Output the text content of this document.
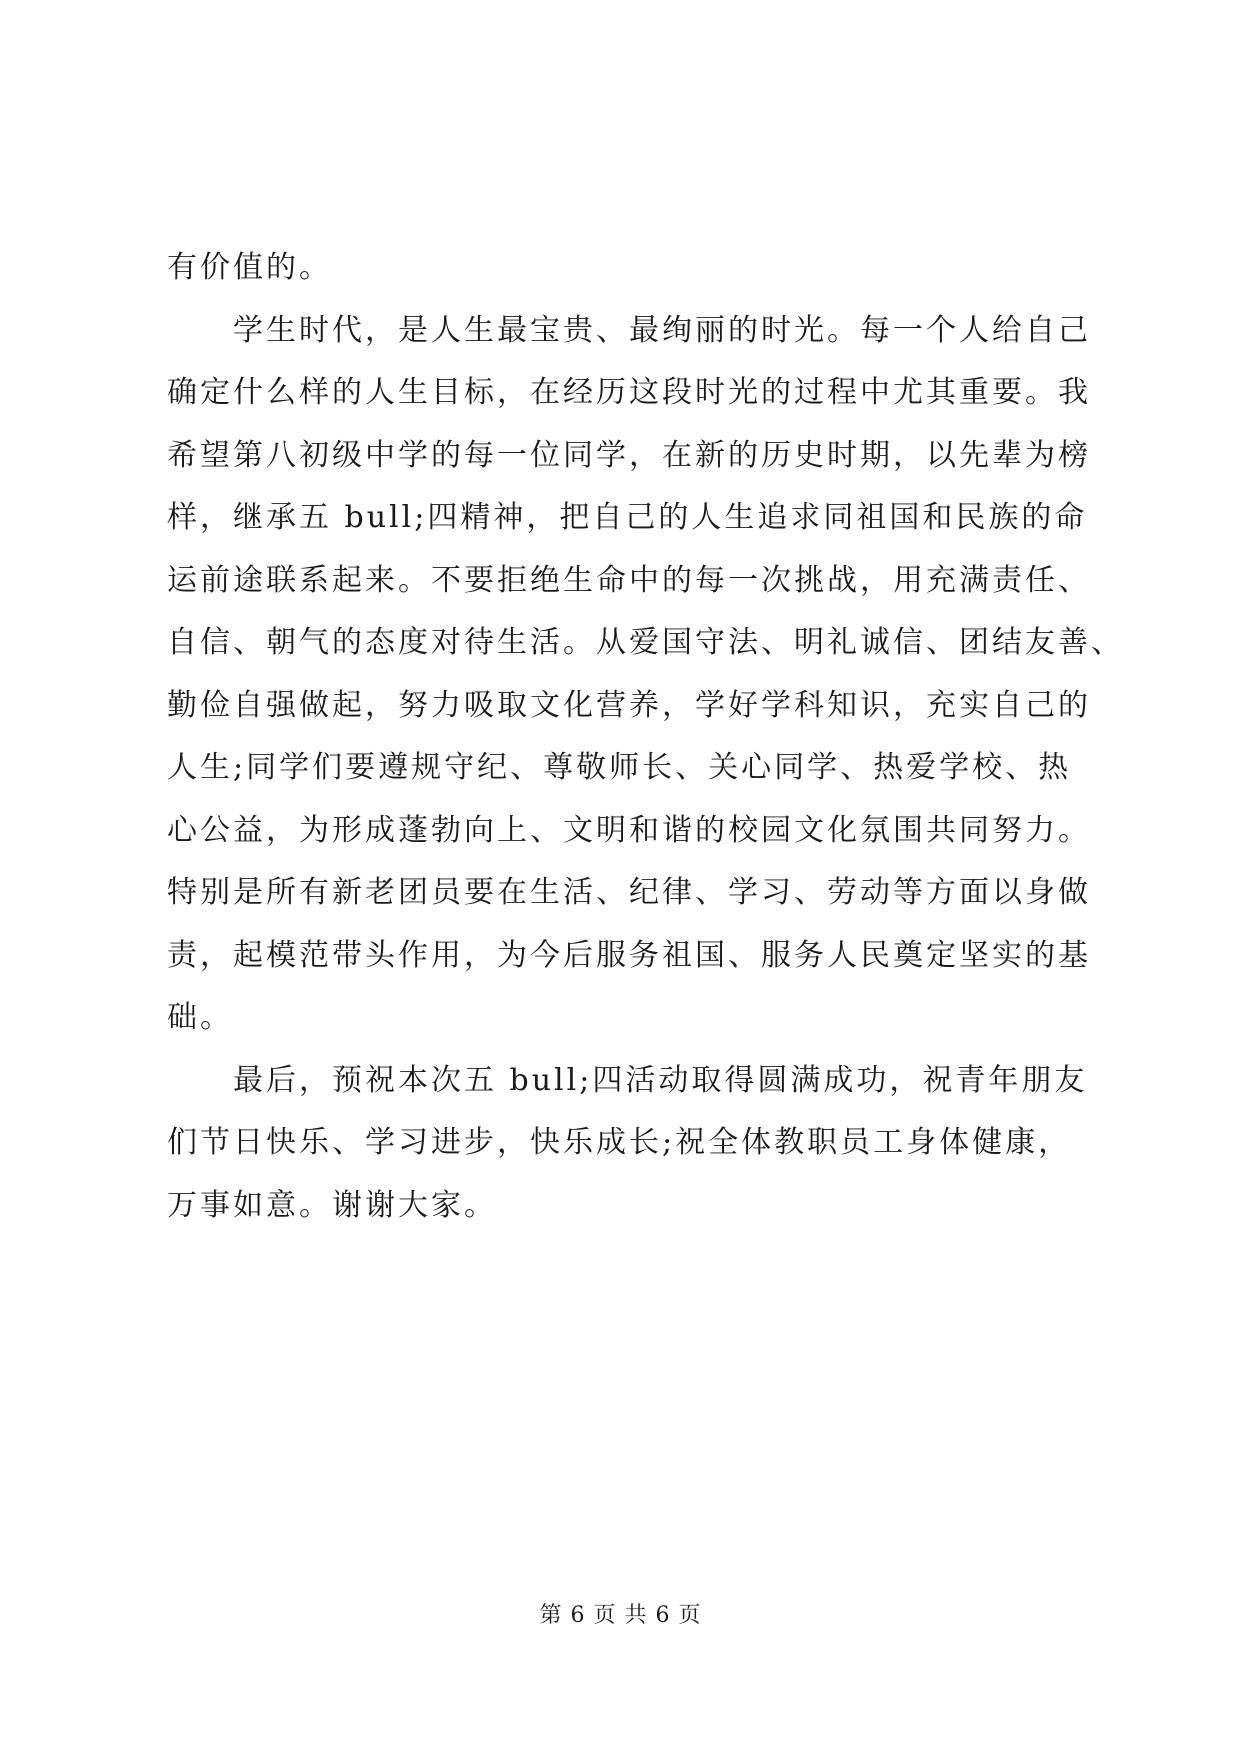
有价值的。
学生时代，是人生最宝贵、最绚丽的时光。每一个人给自己
确定什么样的人生目标，在经历这段时光的过程中尤其重要。我
希望第八初级中学的每一位同学，在新的历史时期，以先辈为榜
样，继承五 bull;四精神，把自己的人生追求同祖国和民族的命
运前途联系起来。不要拒绝生命中的每一次挑战，用充满责任、
自信、朝气的态度对待生活。从爱国守法、明礼诚信、团结友善、
勤俭自强做起，努力吸取文化营养，学好学科知识，充实自己的
人生;同学们要遵规守纪、尊敬师长、关心同学、热爱学校、热
心公益，为形成蓬勃向上、文明和谐的校园文化氛围共同努力。
特别是所有新老团员要在生活、纪律、学习、劳动等方面以身做
责，起模范带头作用，为今后服务祖国、服务人民奠定坚实的基
础。
最后，预祝本次五 bull;四活动取得圆满成功，祝青年朋友
们节日快乐、学习进步，快乐成长;祝全体教职员工身体健康，
万事如意。谢谢大家。
第 6 页 共 6 页
